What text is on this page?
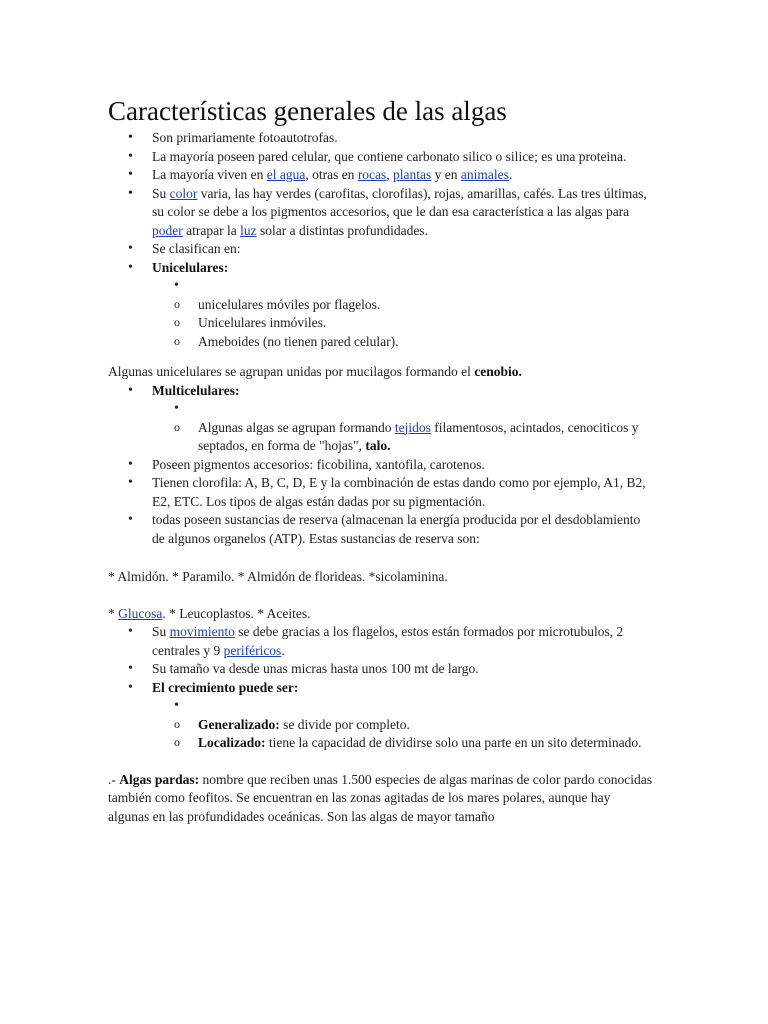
Características generales de las algas
• Son primariamente fotoautotrofas.
• La mayoría poseen pared celular, que contiene carbonato silico o silice; es una proteina.
• La mayoría viven en el agua, otras en rocas, plantas y en animales.
• Su color varia, las hay verdes (carofitas, clorofilas), rojas, amarillas, cafés. Las tres últimas, su color se debe a los pigmentos accesorios, que le dan esa característica a las algas para poder atrapar la luz solar a distintas profundidades.
• Se clasifican en:
• Unicelulares:
•
o unicelulares móviles por flagelos.
o Unicelulares inmóviles.
o Ameboides (no tienen pared celular).

Algunas unicelulares se agrupan unidas por mucilagos formando el cenobio.

• Multicelulares:
•
o Algunas algas se agrupan formando tejidos filamentosos, acintados, cenociticos y septados, en forma de "hojas", talo.
• Poseen pigmentos accesorios: ficobilina, xantofila, carotenos.
• Tienen clorofila: A, B, C, D, E y la combinación de estas dando como por ejemplo, A1, B2, E2, ETC. Los tipos de algas están dadas por su pigmentación.
• todas poseen sustancias de reserva (almacenan la energía producida por el desdoblamiento de algunos organelos (ATP). Estas sustancias de reserva son:

* Almidón. * Paramilo. * Almidón de florideas. *sicolaminina.

* Glucosa. * Leucoplastos. * Aceites.

• Su movimiento se debe gracias a los flagelos, estos están formados por microtubulos, 2 centrales y 9 periféricos.
• Su tamaño va desde unas micras hasta unos 100 mt de largo.
• El crecimiento puede ser:
•
o Generalizado: se divide por completo.
o Localizado: tiene la capacidad de dividirse solo una parte en un sito determinado.

.- Algas pardas: nombre que reciben unas 1.500 especies de algas marinas de color pardo conocidas también como feofitos. Se encuentran en las zonas agitadas de los mares polares, aunque hay algunas en las profundidades oceánicas. Son las algas de mayor tamaño
